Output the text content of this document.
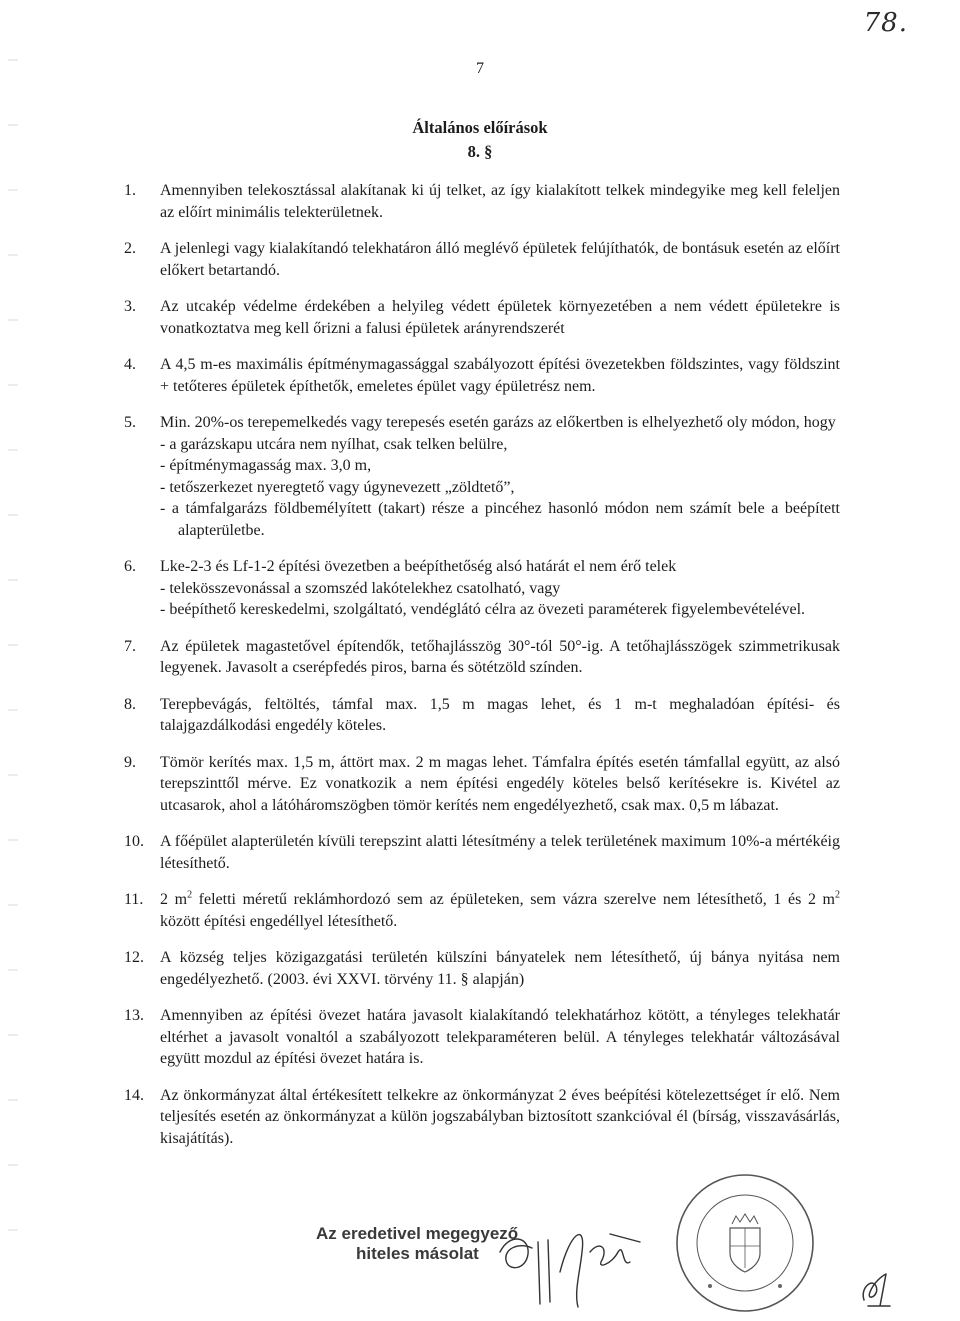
78.
7
Általános előírások
8. §
1.	Amennyiben telekosztással alakítanak ki új telket, az így kialakított telkek mindegyike meg kell feleljen az előírt minimális telekterületnek.

2.	A jelenlegi vagy kialakítandó telekhatáron álló meglévő épületek felújíthatók, de bontásuk esetén az előírt előkert betartandó.

3.	Az utcakép védelme érdekében a helyileg védett épületek környezetében a nem védett épületekre is vonatkoztatva meg kell őrizni a falusi épületek arányrendszerét

4.	A 4,5 m-es maximális építménymagassággal szabályozott építési övezetekben földszintes, vagy földszint + tetőteres épületek építhetők, emeletes épület vagy épületrész nem.

5.	Min. 20%-os terepemelkedés vagy terepesés esetén garázs az előkertben is elhelyezhető oly módon, hogy

- a garázskapu utcára nem nyílhat, csak telken belülre,
- építménymagasság max. 3,0 m,
- tetőszerkezet nyeregtető vagy úgynevezett „zöldtető”,
- a támfalgarázs földbemélyített (takart) része a pincéhez hasonló módon nem számít bele a beépített alapterületbe.
6.	Lke-2-3 és Lf-1-2 építési övezetben a beépíthetőség alsó határát el nem érő telek

- telekösszevonással a szomszéd lakótelekhez csatolható, vagy
- beépíthető kereskedelmi, szolgáltató, vendéglátó célra az övezeti paraméterek figyelembevételével.
7.	Az épületek magastetővel építendők, tetőhajlásszög 30°-tól 50°-ig. A tetőhajlásszögek szimmetrikusak legyenek. Javasolt a cserépfedés piros, barna és sötétzöld színden.

8.	Terepbevágás, feltöltés, támfal max. 1,5 m magas lehet, és 1 m-t meghaladóan építési- és talajgazdálkodási engedély köteles.

9.	Tömör kerítés max. 1,5 m, áttört max. 2 m magas lehet. Támfalra építés esetén támfallal együtt, az alsó terepszinttől mérve. Ez vonatkozik a nem építési engedély köteles belső kerítésekre is. Kivétel az utcasarok, ahol a látóháromszögben tömör kerítés nem engedélyezhető, csak max. 0,5 m lábazat.

10.	A főépület alapterületén kívüli terepszint alatti létesítmény a telek területének maximum 10%-a mértékéig létesíthető.

11.	2 $m^2$ feletti méretű reklámhordozó sem az épületeken, sem vázra szerelve nem létesíthető, 1 és 2 $m^2$ között építési engedéllyel létesíthető.

12.	A község teljes közigazgatási területén külszíni bányatelek nem létesíthető, új bánya nyitása nem engedélyezhető. (2003. évi XXVI. törvény 11. § alapján)

13.	Amennyiben az építési övezet határa javasolt kialakítandó telekhatárhoz kötött, a tényleges telekhatár eltérhet a javasolt vonaltól a szabályozott telekparaméteren belül. A tényleges telekhatár változásával együtt mozdul az építési övezet határa is.

14.	Az önkormányzat által értékesített telkekre az önkormányzat 2 éves beépítési kötelezettséget ír elő. Nem teljesítés esetén az önkormányzat a külön jogszabályban biztosított szankcióval él (bírság, visszavásárlás, kisajátítás).

Az eredetivel megegyező
hiteles másolat
